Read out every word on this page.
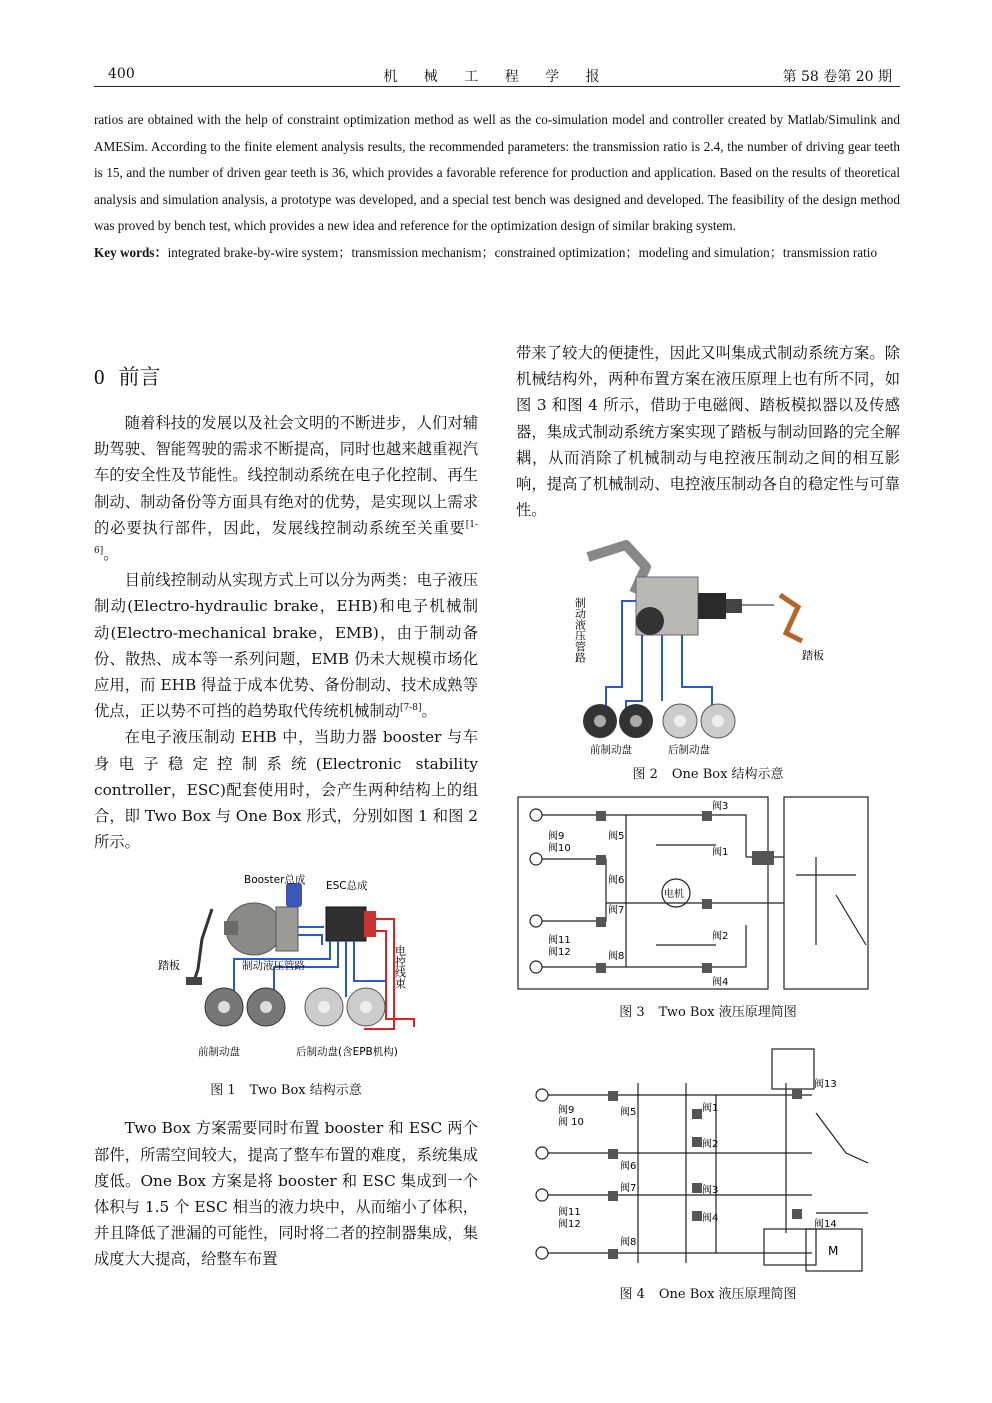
400	机 械 工 程 学 报	第 58 卷第 20 期

ratios are obtained with the help of constraint optimization method as well as the co-simulation model and controller created by Matlab/Simulink and AMESim. According to the finite element analysis results, the recommended parameters: the transmission ratio is 2.4, the number of driving gear teeth is 15, and the number of driven gear teeth is 36, which provides a favorable reference for production and application. Based on the results of theoretical analysis and simulation analysis, a prototype was developed, and a special test bench was designed and developed. The feasibility of the design method was proved by bench test, which provides a new idea and reference for the optimization design of similar braking system.

Key words：integrated brake-by-wire system；transmission mechanism；constrained optimization；modeling and simulation；transmission ratio

0 前言

随着科技的发展以及社会文明的不断进步，人们对辅助驾驶、智能驾驶的需求不断提高，同时也越来越重视汽车的安全性及节能性。线控制动系统在电子化控制、再生制动、制动备份等方面具有绝对的优势，是实现以上需求的必要执行部件，因此，发展线控制动系统至关重要[1-6]。

目前线控制动从实现方式上可以分为两类：电子液压制动(Electro-hydraulic brake，EHB)和电子机械制动(Electro-mechanical brake，EMB)，由于制动备份、散热、成本等一系列问题，EMB 仍未大规模市场化应用，而 EHB 得益于成本优势、备份制动、技术成熟等优点，正以势不可挡的趋势取代传统机械制动[7-8]。

在电子液压制动 EHB 中，当助力器 booster 与车身电子稳定控制系统(Electronic stability controller，ESC)配套使用时，会产生两种结构上的组合，即 Two Box 与 One Box 形式，分别如图 1 和图 2 所示。

Booster总成 ESC总成
踏板	制动液压管路
前制动盘	后制动盘(含EPB机构)
电控线束

图 1 Two Box 结构示意

Two Box 方案需要同时布置 booster 和 ESC 两个部件，所需空间较大，提高了整车布置的难度，系统集成度低。One Box 方案是将 booster 和 ESC 集成到一个体积与 1.5 个 ESC 相当的液力块中，从而缩小了体积，并且降低了泄漏的可能性，同时将二者的控制器集成，集成度大大提高，给整车布置

带来了较大的便捷性，因此又叫集成式制动系统方案。除机械结构外，两种布置方案在液压原理上也有所不同，如图 3 和图 4 所示，借助于电磁阀、踏板模拟器以及传感器，集成式制动系统方案实现了踏板与制动回路的完全解耦，从而消除了机械制动与电控液压制动之间的相互影响，提高了机械制动、电控液压制动各自的稳定性与可靠性。

制动液压管路	踏板
前制动盘	后制动盘

图 2 One Box 结构示意

阀3
阀1
阀2
阀4
阀5
阀6
阀7
阀8
阀9
阀10
阀11
阀12
电机

图 3 Two Box 液压原理简图

阀1
阀2
阀3
阀4
阀5
阀6
阀7
阀8
阀9
阀 10
阀11
阀12
阀13
阀14
M

图 4 One Box 液压原理简图
